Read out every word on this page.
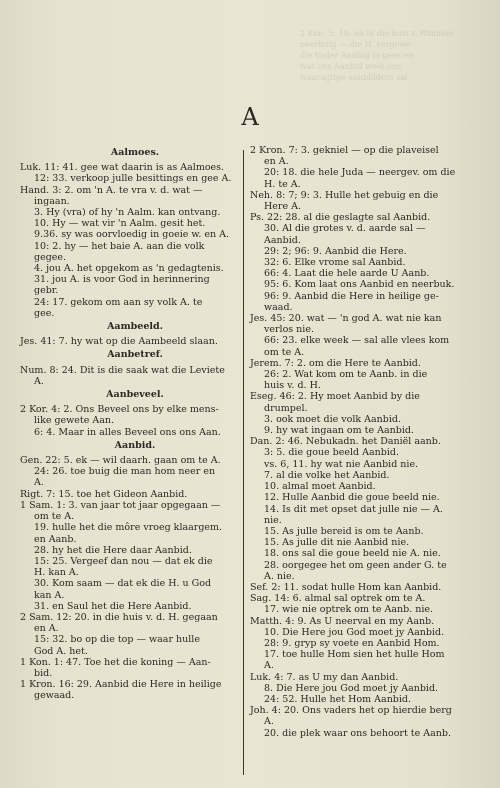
2 Kon. 5: 18. en in die huis v. Rimmon
neerbuig — die H. vergewe
die Vader Aanbid in gees en
wat ons Aanbid weet ons
waaragtige aanbidders sal
A
Aalmoes.
Luk. 11: 41. gee wat daarin is as Aalmoes.
12: 33. verkoop julle besittings en gee A.
Hand. 3: 2. om 'n A. te vra v. d. wat —
ingaan.
3. Hy (vra) of hy 'n Aalm. kan ontvang.
10. Hy — wat vir 'n Aalm. gesit het.
9.36. sy was oorvloedig in goeie w. en A.
10: 2. hy — het baie A. aan die volk
gegee.
4. jou A. het opgekom as 'n gedagtenis.
31. jou A. is voor God in herinnering
gebr.
24: 17. gekom om aan sy volk A. te
gee.
Aambeeld.
Jes. 41: 7. hy wat op die Aambeeld slaan.
Aanbetref.
Num. 8: 24. Dit is die saak wat die Leviete
A.
Aanbeveel.
2 Kor. 4: 2. Ons Beveel ons by elke mens-
like gewete Aan.
6: 4. Maar in alles Beveel ons ons Aan.
Aanbid.
Gen. 22: 5. ek — wil daarh. gaan om te A.
24: 26. toe buig die man hom neer en
A.
Rigt. 7: 15. toe het Gideon Aanbid.
1 Sam. 1: 3. van jaar tot jaar opgegaan —
om te A.
19. hulle het die môre vroeg klaargem.
en Aanb.
28. hy het die Here daar Aanbid.
15: 25. Vergeef dan nou — dat ek die
H. kan A.
30. Kom saam — dat ek die H. u God
kan A.
31. en Saul het die Here Aanbid.
2 Sam. 12: 20. in die huis v. d. H. gegaan
en A.
15: 32. bo op die top — waar hulle
God A. het.
1 Kon. 1: 47. Toe het die koning — Aan-
bid.
1 Kron. 16: 29. Aanbid die Here in heilige
gewaad.
2 Kron. 7: 3. gekniel — op die plaveisel
en A.
20: 18. die hele Juda — neergev. om die
H. te A.
Neh. 8: 7; 9: 3. Hulle het gebuig en die
Here A.
Ps. 22: 28. al die geslagte sal Aanbid.
30. Al die grotes v. d. aarde sal —
Aanbid.
29: 2; 96: 9. Aanbid die Here.
32: 6. Elke vrome sal Aanbid.
66: 4. Laat die hele aarde U Aanb.
95: 6. Kom laat ons Aanbid en neerbuk.
96: 9. Aanbid die Here in heilige ge-
waad.
Jes. 45: 20. wat — 'n god A. wat nie kan
verlos nie.
66: 23. elke week — sal alle vlees kom
om te A.
Jerem. 7: 2. om die Here te Aanbid.
26: 2. Wat kom om te Aanb. in die
huis v. d. H.
Eseg. 46: 2. Hy moet Aanbid by die
drumpel.
3. ook moet die volk Aanbid.
9. hy wat ingaan om te Aanbid.
Dan. 2: 46. Nebukadn. het Daniël aanb.
3: 5. die goue beeld Aanbid.
vs. 6, 11. hy wat nie Aanbid nie.
7. al die volke het Aanbid.
10. almal moet Aanbid.
12. Hulle Aanbid die goue beeld nie.
14. Is dit met opset dat julle nie — A.
nie.
15. As julle bereid is om te Aanb.
15. As julle dit nie Aanbid nie.
18. ons sal die goue beeld nie A. nie.
28. oorgegee het om geen ander G. te
A. nie.
Sef. 2: 11. sodat hulle Hom kan Aanbid.
Sag. 14: 6. almal sal optrek om te A.
17. wie nie optrek om te Aanb. nie.
Matth. 4: 9. As U neerval en my Aanb.
10. Die Here jou God moet jy Aanbid.
28: 9. gryp sy voete en Aanbid Hom.
17. toe hulle Hom sien het hulle Hom
A.
Luk. 4: 7. as U my dan Aanbid.
8. Die Here jou God moet jy Aanbid.
24: 52. Hulle het Hom Aanbid.
Joh. 4: 20. Ons vaders het op hierdie berg
A.
20. die plek waar ons behoort te Aanb.
